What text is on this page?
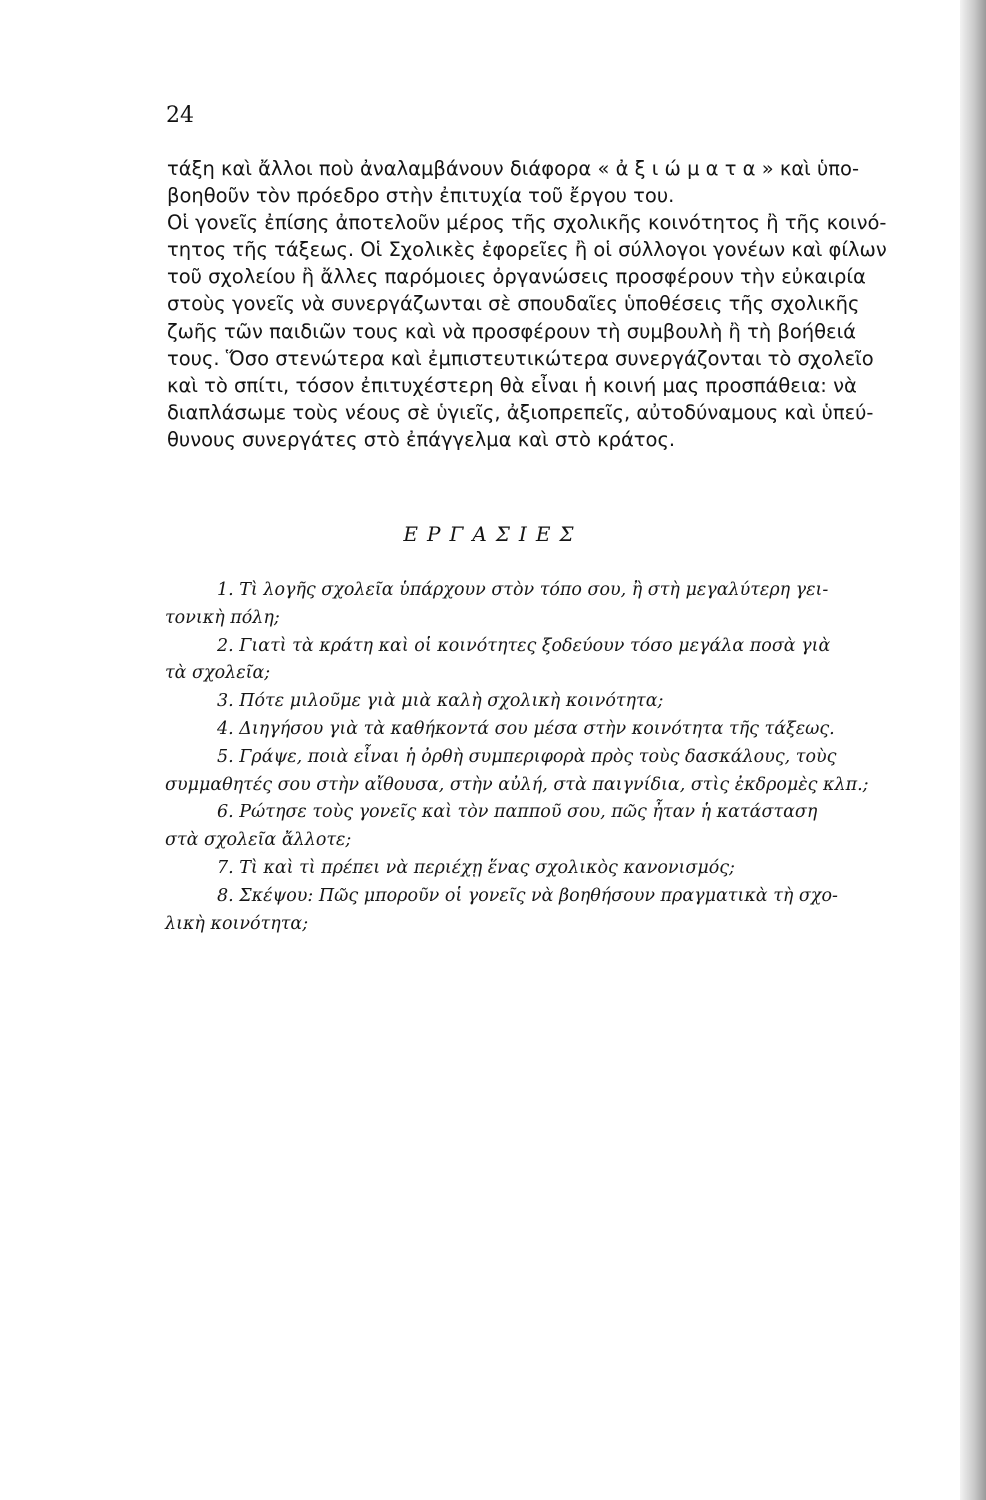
24
τάξη καὶ ἄλλοι ποὺ ἀναλαμβάνουν διάφορα « ἀ ξ ι ώ μ α τ α » καὶ ὑπο-
βοηθοῦν τὸν πρόεδρο στὴν ἐπιτυχία τοῦ ἔργου του.
Οἱ γονεῖς ἐπίσης ἀποτελοῦν μέρος τῆς σχολικῆς κοινότητος ἢ τῆς κοινό-
τητος τῆς τάξεως. Οἱ Σχολικὲς ἐφορεῖες ἢ οἱ σύλλογοι γονέων καὶ φίλων
τοῦ σχολείου ἢ ἄλλες παρόμοιες ὀργανώσεις προσφέρουν τὴν εὐκαιρία
στοὺς γονεῖς νὰ συνεργάζωνται σὲ σπουδαῖες ὑποθέσεις τῆς σχολικῆς
ζωῆς τῶν παιδιῶν τους καὶ νὰ προσφέρουν τὴ συμβουλὴ ἢ τὴ βοήθειά
τους. Ὅσο στενώτερα καὶ ἐμπιστευτικώτερα συνεργάζονται τὸ σχολεῖο
καὶ τὸ σπίτι, τόσον ἐπιτυχέστερη θὰ εἶναι ἡ κοινή μας προσπάθεια: νὰ
διαπλάσωμε τοὺς νέους σὲ ὑγιεῖς, ἀξιοπρεπεῖς, αὐτοδύναμους καὶ ὑπεύ-
θυνους συνεργάτες στὸ ἐπάγγελμα καὶ στὸ κράτος.
ΕΡΓΑΣΙΕΣ
1. Τὶ λογῆς σχολεῖα ὑπάρχουν στὸν τόπο σου, ἢ στὴ μεγαλύτερη γει-
τονικὴ πόλη;
2. Γιατὶ τὰ κράτη καὶ οἱ κοινότητες ξοδεύουν τόσο μεγάλα ποσὰ γιὰ
τὰ σχολεῖα;
3. Πότε μιλοῦμε γιὰ μιὰ καλὴ σχολικὴ κοινότητα;
4. Διηγήσου γιὰ τὰ καθήκοντά σου μέσα στὴν κοινότητα τῆς τάξεως.
5. Γράψε, ποιὰ εἶναι ἡ ὀρθὴ συμπεριφορὰ πρὸς τοὺς δασκάλους, τοὺς
συμμαθητές σου στὴν αἴθουσα, στὴν αὐλή, στὰ παιγνίδια, στὶς ἐκδρομὲς κλπ.;
6. Ρώτησε τοὺς γονεῖς καὶ τὸν παπποῦ σου, πῶς ἦταν ἡ κατάσταση
στὰ σχολεῖα ἄλλοτε;
7. Τὶ καὶ τὶ πρέπει νὰ περιέχῃ ἕνας σχολικὸς κανονισμός;
8. Σκέψου: Πῶς μποροῦν οἱ γονεῖς νὰ βοηθήσουν πραγματικὰ τὴ σχο-
λικὴ κοινότητα;
